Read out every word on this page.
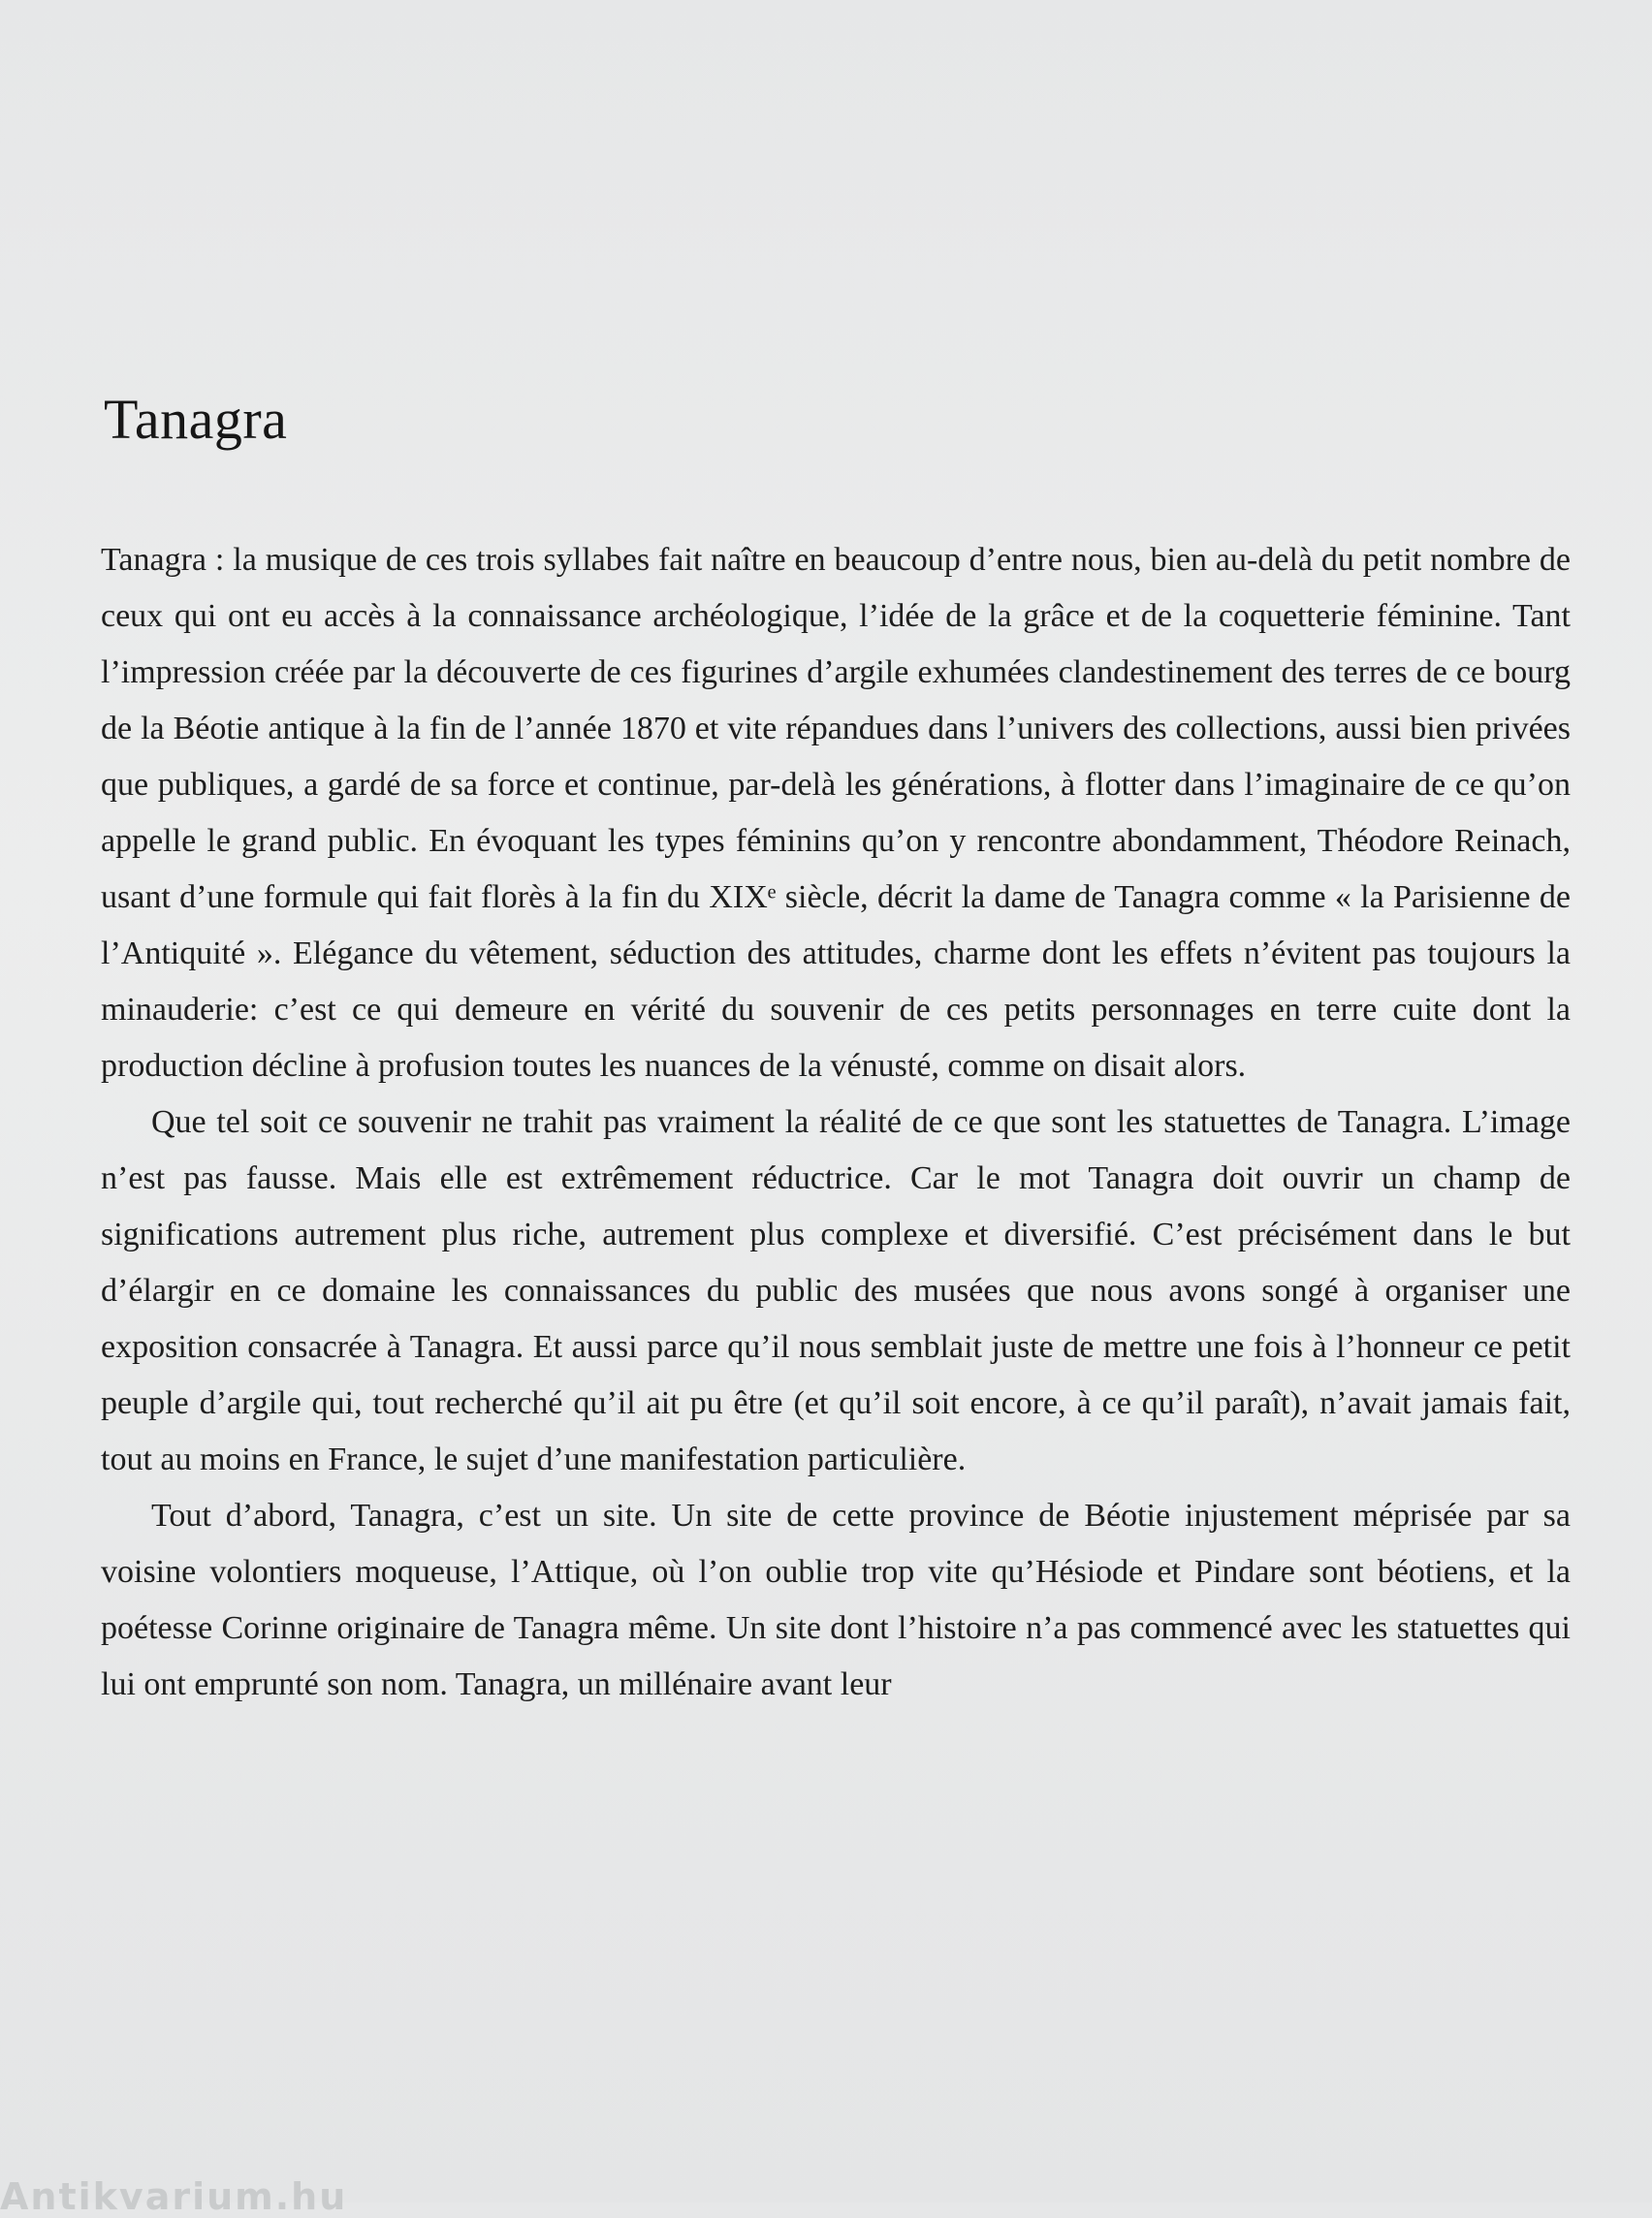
Tanagra

Tanagra : la musique de ces trois syllabes fait naître en beaucoup d’entre nous, bien au-delà du petit nombre de ceux qui ont eu accès à la connaissance archéologique, l’idée de la grâce et de la coquetterie féminine. Tant l’impression créée par la découverte de ces figurines d’argile exhumées clandestinement des terres de ce bourg de la Béotie antique à la fin de l’année 1870 et vite répandues dans l’univers des collections, aussi bien privées que publiques, a gardé de sa force et continue, par-delà les générations, à flotter dans l’imaginaire de ce qu’on appelle le grand public. En évoquant les types féminins qu’on y rencontre abondamment, Théodore Reinach, usant d’une formule qui fait florès à la fin du XIXᵉ siècle, décrit la dame de Tanagra comme « la Parisienne de l’Antiquité ». Elégance du vêtement, séduction des attitudes, charme dont les effets n’évitent pas toujours la minauderie: c’est ce qui demeure en vérité du souvenir de ces petits personnages en terre cuite dont la production décline à profusion toutes les nuances de la vénusté, comme on disait alors.

Que tel soit ce souvenir ne trahit pas vraiment la réalité de ce que sont les statuettes de Tanagra. L’image n’est pas fausse. Mais elle est extrêmement réductrice. Car le mot Tanagra doit ouvrir un champ de significations autrement plus riche, autrement plus complexe et diversifié. C’est précisément dans le but d’élargir en ce domaine les connaissances du public des musées que nous avons songé à organiser une exposition consacrée à Tanagra. Et aussi parce qu’il nous semblait juste de mettre une fois à l’honneur ce petit peuple d’argile qui, tout recherché qu’il ait pu être (et qu’il soit encore, à ce qu’il paraît), n’avait jamais fait, tout au moins en France, le sujet d’une manifestation particulière.

Tout d’abord, Tanagra, c’est un site. Un site de cette province de Béotie injustement méprisée par sa voisine volontiers moqueuse, l’Attique, où l’on oublie trop vite qu’Hésiode et Pindare sont béotiens, et la poétesse Corinne originaire de Tanagra même. Un site dont l’histoire n’a pas commencé avec les statuettes qui lui ont emprunté son nom. Tanagra, un millénaire avant leur

Antikvarium.hu
